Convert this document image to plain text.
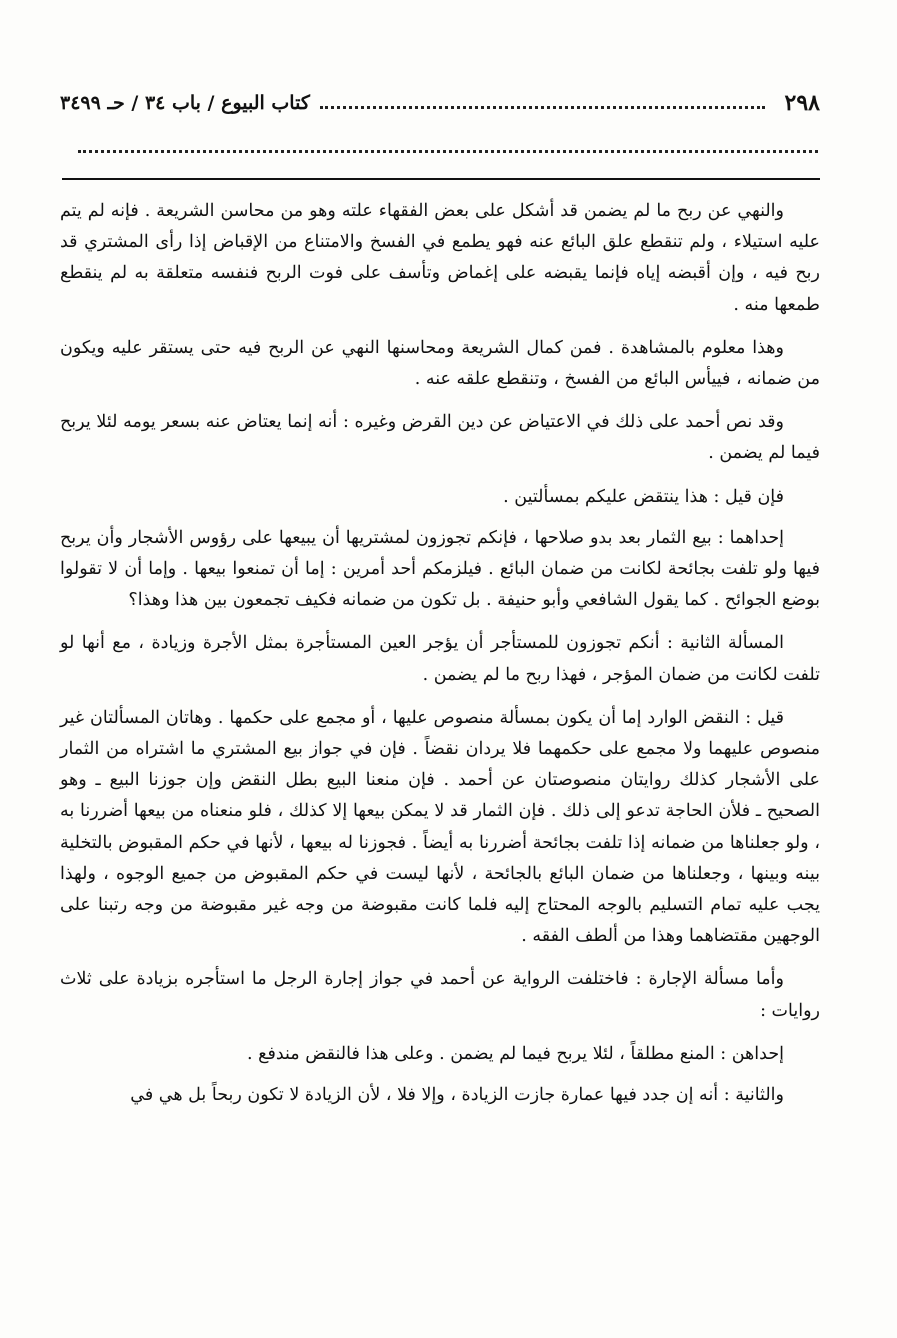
٢٩٨
كتاب البيوع / باب ٣٤ / حـ ٣٤٩٩

والنهي عن ربح ما لم يضمن قد أشكل على بعض الفقهاء علته وهو من محاسن الشريعة . فإنه لم يتم عليه استيلاء ، ولم تنقطع علق البائع عنه فهو يطمع في الفسخ والامتناع من الإقباض إذا رأى المشتري قد ربح فيه ، وإن أقبضه إياه فإنما يقبضه على إغماض وتأسف على فوت الربح فنفسه متعلقة به لم ينقطع طمعها منه .

وهذا معلوم بالمشاهدة . فمن كمال الشريعة ومحاسنها النهي عن الربح فيه حتى يستقر عليه ويكون من ضمانه ، فييأس البائع من الفسخ ، وتنقطع علقه عنه .

وقد نص أحمد على ذلك في الاعتياض عن دين القرض وغيره : أنه إنما يعتاض عنه بسعر يومه لئلا يربح فيما لم يضمن .

فإن قيل : هذا ينتقض عليكم بمسألتين .

إحداهما : بيع الثمار بعد بدو صلاحها ، فإنكم تجوزون لمشتريها أن يبيعها على رؤوس الأشجار وأن يربح فيها ولو تلفت بجائحة لكانت من ضمان البائع . فيلزمكم أحد أمرين : إما أن تمنعوا بيعها . وإما أن لا تقولوا بوضع الجوائح . كما يقول الشافعي وأبو حنيفة . بل تكون من ضمانه فكيف تجمعون بين هذا وهذا؟

المسألة الثانية : أنكم تجوزون للمستأجر أن يؤجر العين المستأجرة بمثل الأجرة وزيادة ، مع أنها لو تلفت لكانت من ضمان المؤجر ، فهذا ربح ما لم يضمن .

قيل : النقض الوارد إما أن يكون بمسألة منصوص عليها ، أو مجمع على حكمها . وهاتان المسألتان غير منصوص عليهما ولا مجمع على حكمهما فلا يردان نقضاً . فإن في جواز بيع المشتري ما اشتراه من الثمار على الأشجار كذلك روايتان منصوصتان عن أحمد . فإن منعنا البيع بطل النقض وإن جوزنا البيع ـ وهو الصحيح ـ فلأن الحاجة تدعو إلى ذلك . فإن الثمار قد لا يمكن بيعها إلا كذلك ، فلو منعناه من بيعها أضررنا به ، ولو جعلناها من ضمانه إذا تلفت بجائحة أضررنا به أيضاً . فجوزنا له بيعها ، لأنها في حكم المقبوض بالتخلية بينه وبينها ، وجعلناها من ضمان البائع بالجائحة ، لأنها ليست في حكم المقبوض من جميع الوجوه ، ولهذا يجب عليه تمام التسليم بالوجه المحتاج إليه فلما كانت مقبوضة من وجه غير مقبوضة من وجه رتبنا على الوجهين مقتضاهما وهذا من ألطف الفقه .

وأما مسألة الإجارة : فاختلفت الرواية عن أحمد في جواز إجارة الرجل ما استأجره بزيادة على ثلاث روايات :

إحداهن : المنع مطلقاً ، لئلا يربح فيما لم يضمن . وعلى هذا فالنقض مندفع .

والثانية : أنه إن جدد فيها عمارة جازت الزيادة ، وإلا فلا ، لأن الزيادة لا تكون ربحاً بل هي في
